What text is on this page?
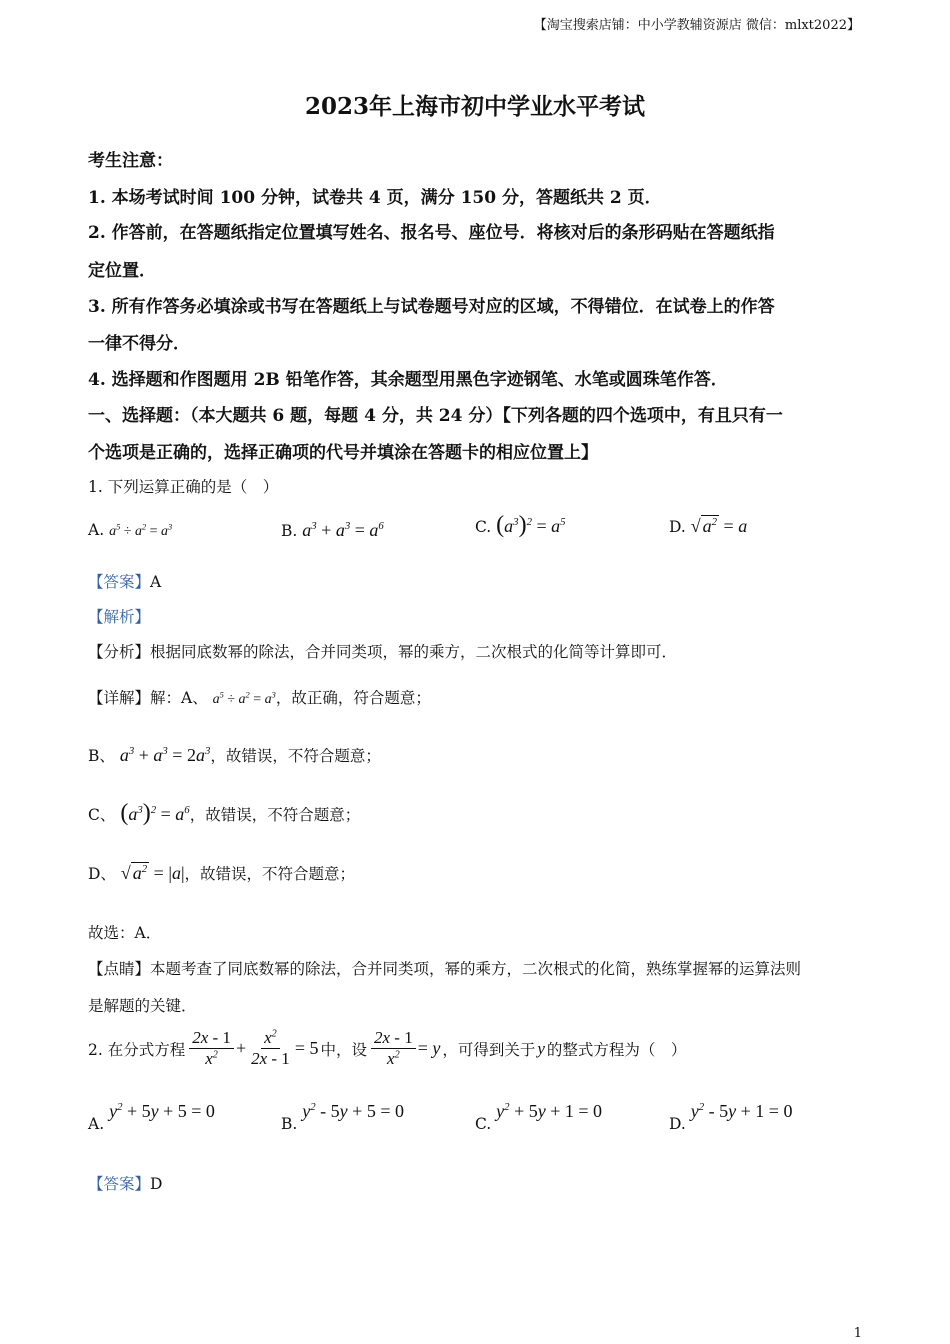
【淘宝搜索店铺：中小学教辅资源店 微信：mlxt2022】
2023年上海市初中学业水平考试
考生注意：
1. 本场考试时间 100 分钟，试卷共 4 页，满分 150 分，答题纸共 2 页．
2. 作答前，在答题纸指定位置填写姓名、报名号、座位号．将核对后的条形码贴在答题纸指
定位置．
3. 所有作答务必填涂或书写在答题纸上与试卷题号对应的区域，不得错位．在试卷上的作答
一律不得分．
4. 选择题和作图题用 2B 铅笔作答，其余题型用黑色字迹钢笔、水笔或圆珠笔作答．
一、选择题：（本大题共 6 题，每题 4 分，共 24 分）【下列各题的四个选项中，有且只有一
个选项是正确的，选择正确项的代号并填涂在答题卡的相应位置上】
1. 下列运算正确的是（　）
A. $a^5 \div a^2 = a^3$	B. $a^3 + a^3 = a^6$	C. $(a^3)^2 = a^5$	D. √ $a^2 = a$
【答案】A
【解析】
【分析】根据同底数幂的除法，合并同类项，幂的乘方，二次根式的化简等计算即可．
【详解】解：A、 $a^5 \div a^2 = a^3$，故正确，符合题意；
B、 $a^3 + a^3 = 2a^3$，故错误，不符合题意；
C、 $(a^3)^2 = a^6$，故错误，不符合题意；
D、 √ $a^2 = |a|$，故错误，不符合题意；
故选：A．
【点睛】本题考查了同底数幂的除法，合并同类项，幂的乘方，二次根式的化简，熟练掌握幂的运算法则
是解题的关键．
2. 在分式方程 $\frac{2x - 1}{x^2} + \frac{x^2}{2x - 1} = 5$ 中，设 $\frac{2x - 1}{x^2} = y$ ，可得到关于 y 的整式方程为（　）
A. $y^2 + 5y + 5 = 0$
B. $y^2 - 5y + 5 = 0$
C. $y^2 + 5y + 1 = 0$
D. $y^2 - 5y + 1 = 0$
【答案】D
1
